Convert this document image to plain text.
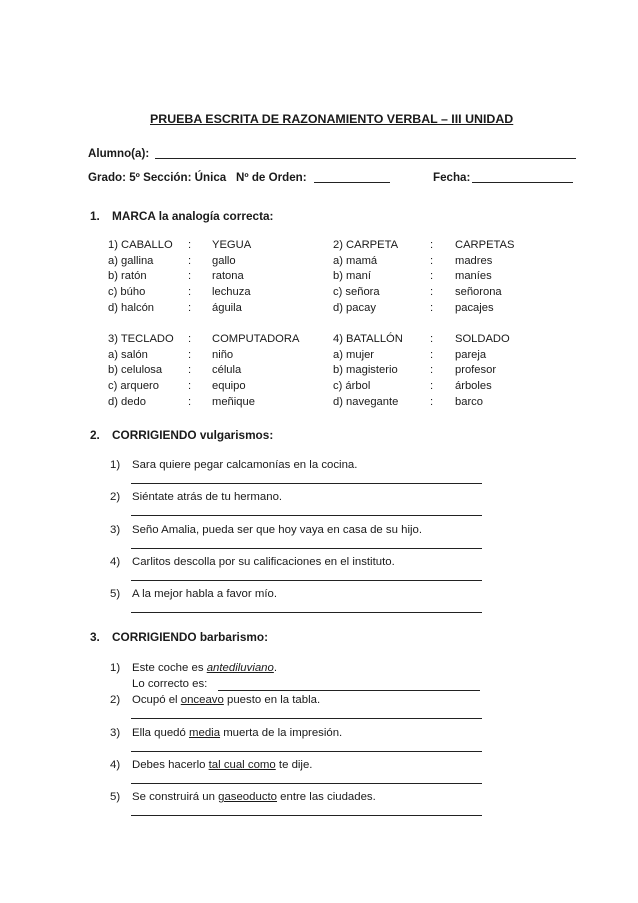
PRUEBA ESCRITA DE RAZONAMIENTO VERBAL – III UNIDAD
Alumno(a):
Grado: 5º Sección: Única Nº de Orden:	Fecha:
1. MARCA la analogía correcta:
1) CABALLO : YEGUA	2) CARPETA	: CARPETAS
a) gallina	: gallo	a) mamá	: madres
b) ratón	: ratona	b) maní	: maníes
c) búho	: lechuza	c) señora	: señorona
d) halcón	: águila	d) pacay	: pacajes
3) TECLADO : COMPUTADORA	4) BATALLÓN : SOLDADO
a) salón	: niño	a) mujer	: pareja
b) celulosa : célula	b) magisterio	: profesor
c) arquero	: equipo	c) árbol	: árboles
d) dedo	: meñique	d) navegante	: barco
2. CORRIGIENDO vulgarismos:
1) Sara quiere pegar calcamonías en la cocina.
2) Siéntate atrás de tu hermano.
3) Seño Amalia, pueda ser que hoy vaya en casa de su hijo.
4) Carlitos descolla por su calificaciones en el instituto.
5) A la mejor habla a favor mío.
3. CORRIGIENDO barbarismo:
1) Este coche es antediluviano.
Lo correcto es:
2) Ocupó el onceavo puesto en la tabla.
3) Ella quedó media muerta de la impresión.
4) Debes hacerlo tal cual como te dije.
5) Se construirá un gaseoducto entre las ciudades.
